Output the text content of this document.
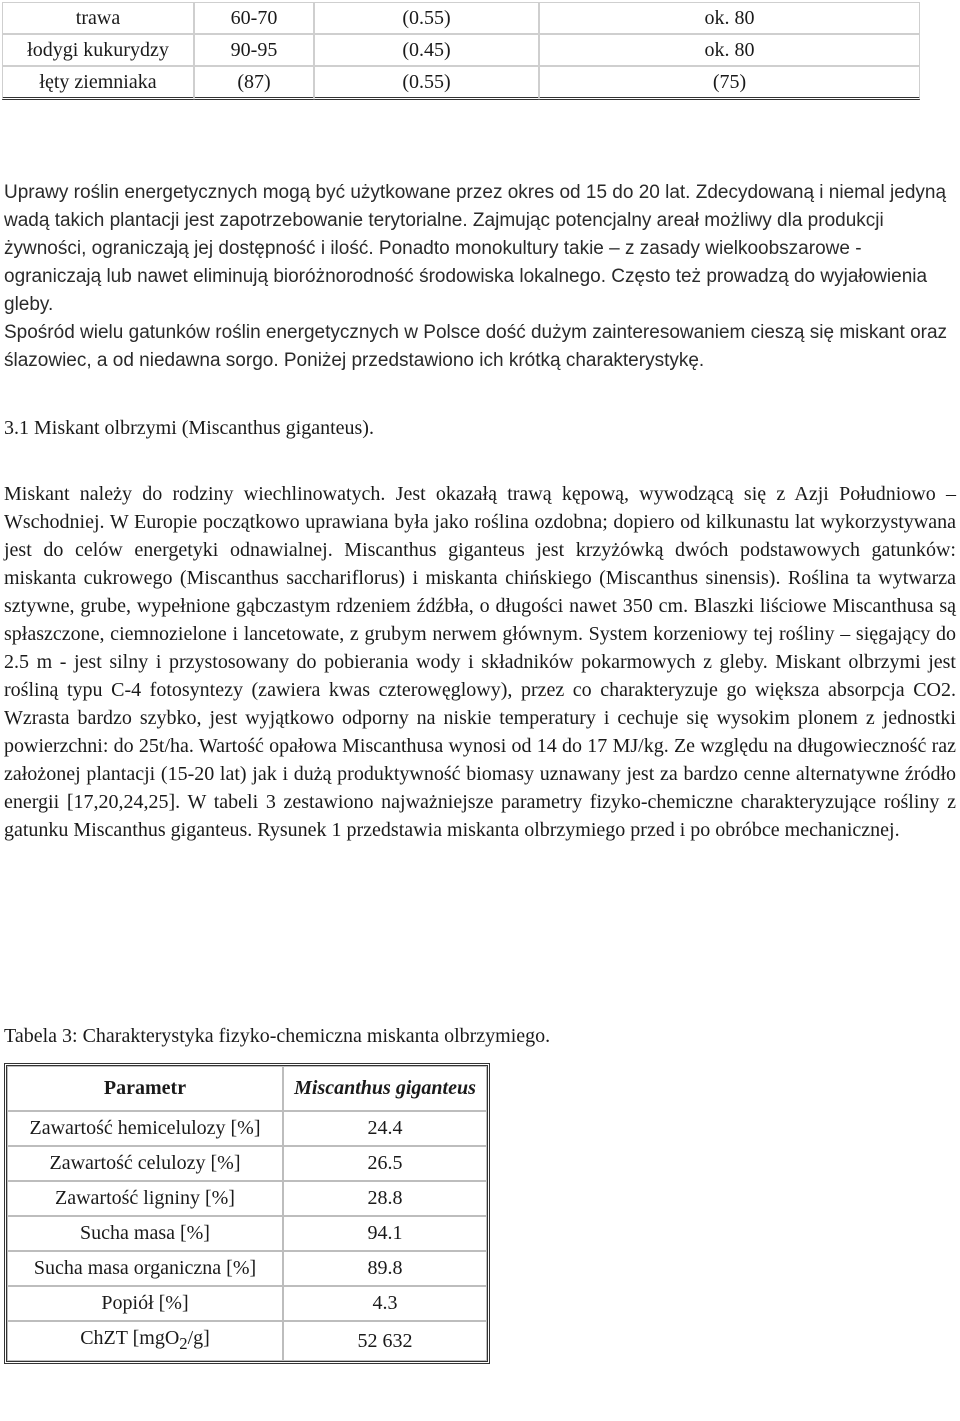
trawa	60-70	(0.55)	ok. 80
łodygi kukurydzy	90-95	(0.45)	ok. 80
łęty ziemniaka	(87)	(0.55)	(75)

Uprawy roślin energetycznych mogą być użytkowane przez okres od 15 do 20 lat. Zdecydowaną i niemal jedyną wadą takich plantacji jest zapotrzebowanie terytorialne. Zajmując potencjalny areał możliwy dla produkcji żywności, ograniczają jej dostępność i ilość. Ponadto monokultury takie – z zasady wielkoobszarowe - ograniczają lub nawet eliminują bioróżnorodność środowiska lokalnego. Często też prowadzą do wyjałowienia gleby.

Spośród wielu gatunków roślin energetycznych w Polsce dość dużym zainteresowaniem cieszą się miskant oraz ślazowiec, a od niedawna sorgo. Poniżej przedstawiono ich krótką charakterystykę.

3.1 Miskant olbrzymi (Miscanthus giganteus).

Miskant należy do rodziny wiechlinowatych. Jest okazałą trawą kępową, wywodzącą się z Azji Południowo – Wschodniej. W Europie początkowo uprawiana była jako roślina ozdobna; dopiero od kilkunastu lat wykorzystywana jest do celów energetyki odnawialnej. Miscanthus giganteus jest krzyżówką dwóch podstawowych gatunków: miskanta cukrowego (Miscanthus sacchariflorus) i miskanta chińskiego (Miscanthus sinensis). Roślina ta wytwarza sztywne, grube, wypełnione gąbczastym rdzeniem źdźbła, o długości nawet 350 cm. Blaszki liściowe Miscanthusa są spłaszczone, ciemnozielone i lancetowate, z grubym nerwem głównym. System korzeniowy tej rośliny – sięgający do 2.5 m - jest silny i przystosowany do pobierania wody i składników pokarmowych z gleby. Miskant olbrzymi jest rośliną typu C-4 fotosyntezy (zawiera kwas czterowęglowy), przez co charakteryzuje go większa absorpcja CO2. Wzrasta bardzo szybko, jest wyjątkowo odporny na niskie temperatury i cechuje się wysokim plonem z jednostki powierzchni: do 25t/ha. Wartość opałowa Miscanthusa wynosi od 14 do 17 MJ/kg. Ze względu na długowieczność raz założonej plantacji (15-20 lat) jak i dużą produktywność biomasy uznawany jest za bardzo cenne alternatywne źródło energii [17,20,24,25]. W tabeli 3 zestawiono najważniejsze parametry fizyko-chemiczne charakteryzujące rośliny z gatunku Miscanthus giganteus. Rysunek 1 przedstawia miskanta olbrzymiego przed i po obróbce mechanicznej.

Tabela 3: Charakterystyka fizyko-chemiczna miskanta olbrzymiego.

Parametr	Miscanthus giganteus
Zawartość hemicelulozy [%]	24.4
Zawartość celulozy [%]	26.5
Zawartość ligniny [%]	28.8
Sucha masa [%]	94.1
Sucha masa organiczna [%]	89.8
Popiół [%]	4.3
ChZT [mgO$_2$/g]	52 632
